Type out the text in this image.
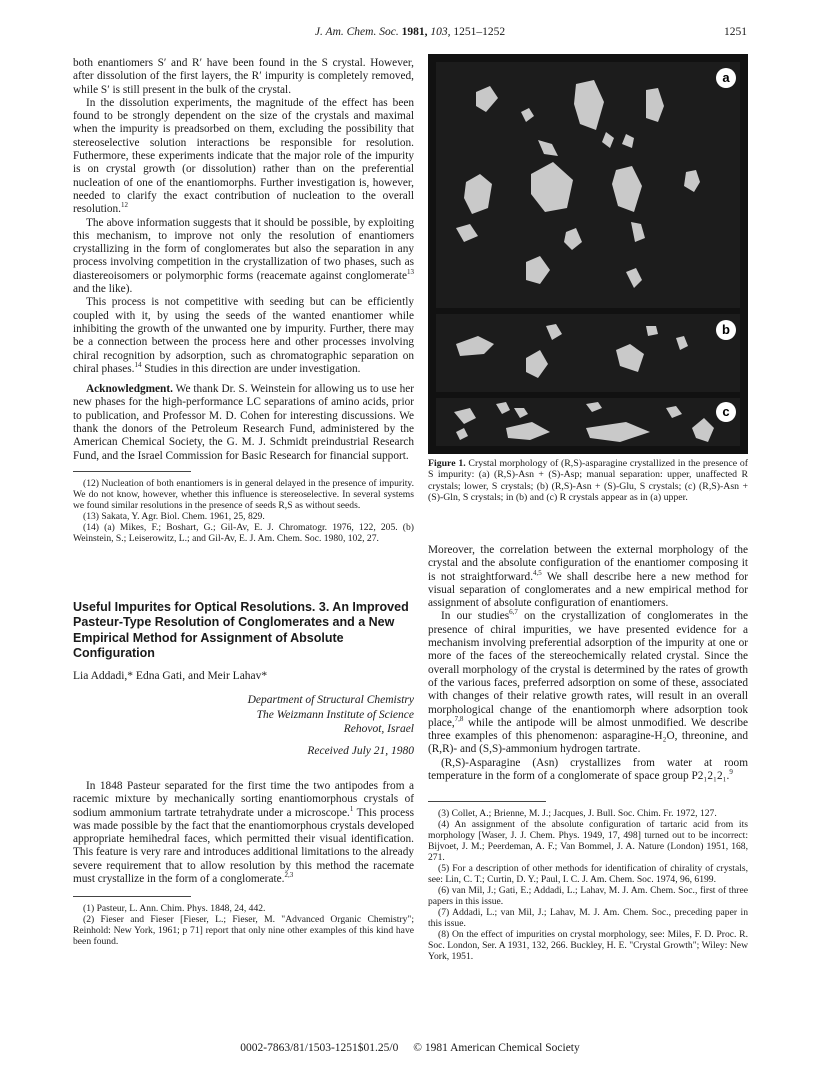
J. Am. Chem. Soc. 1981, 103, 1251–1252	1251

both enantiomers S′ and R′ have been found in the S crystal. However, after dissolution of the first layers, the R′ impurity is completely removed, while S′ is still present in the bulk of the crystal.

In the dissolution experiments, the magnitude of the effect has been found to be strongly dependent on the size of the crystals and maximal when the impurity is preadsorbed on them, excluding the possibility that stereoselective solution interactions be responsible for resolution. Futhermore, these experiments indicate that the major role of the impurity is on crystal growth (or dissolution) rather than on the preferential nucleation of one of the enantiomorphs. Further investigation is, however, needed to clarify the exact contribution of nucleation to the overall resolution.$^{12}$

The above information suggests that it should be possible, by exploiting this mechanism, to improve not only the resolution of enantiomers crystallizing in the form of conglomerates but also the separation in any process involving competition in the crystallization of two phases, such as diastereoisomers or polymorphic forms (reacemate against conglomerate$^{13}$ and the like).

This process is not competitive with seeding but can be efficiently coupled with it, by using the seeds of the wanted enantiomer while inhibiting the growth of the unwanted one by impurity. Further, there may be a connection between the process here and other processes involving chiral recognition by adsorption, such as chromatographic separation on chiral phases.$^{14}$ Studies in this direction are under investigation.

Acknowledgment. We thank Dr. S. Weinstein for allowing us to use her new phases for the high-performance LC separations of amino acids, prior to publication, and Professor M. D. Cohen for interesting discussions. We thank the donors of the Petroleum Research Fund, administered by the American Chemical Society, the G. M. J. Schmidt preindustrial Research Fund, and the Israel Commission for Basic Research for financial support.

(12) Nucleation of both enantiomers is in general delayed in the presence of impurity. We do not know, however, whether this influence is stereoselective. In several systems we found similar resolutions in the presence of seeds R,S as without seeds.

(13) Sakata, Y. Agr. Biol. Chem. 1961, 25, 829.

(14) (a) Mikes, F.; Boshart, G.; Gil-Av, E. J. Chromatogr. 1976, 122, 205. (b) Weinstein, S.; Leiserowitz, L.; and Gil-Av, E. J. Am. Chem. Soc. 1980, 102, 27.

Useful Impurites for Optical Resolutions. 3. An Improved Pasteur-Type Resolution of Conglomerates and a New Empirical Method for Assignment of Absolute Configuration
Lia Addadi,* Edna Gati, and Meir Lahav*
Department of Structural Chemistry
The Weizmann Institute of Science
Rehovot, Israel
Received July 21, 1980

In 1848 Pasteur separated for the first time the two antipodes from a racemic mixture by mechanically sorting enantiomorphous crystals of sodium ammonium tartrate tetrahydrate under a microscope.$^1$ This process was made possible by the fact that the enantiomorphous crystals developed appropriate hemihedral faces, which permitted their visual identification. This feature is very rare and introduces additional limitations to the already severe requirement that to allow resolution by this method the racemate must crystallize in the form of a conglomerate.$^{2,3}$

(1) Pasteur, L. Ann. Chim. Phys. 1848, 24, 442.

(2) Fieser and Fieser [Fieser, L.; Fieser, M. "Advanced Organic Chemistry"; Reinhold: New York, 1961; p 71] report that only nine other examples of this kind have been found.

a
b
c
Figure 1. Crystal morphology of (R,S)-asparagine crystallized in the presence of S impurity: (a) (R,S)-Asn + (S)-Asp; manual separation: upper, unaffected R crystals; lower, S crystals; (b) (R,S)-Asn + (S)-Glu, S crystals; (c) (R,S)-Asn + (S)-Gln, S crystals; in (b) and (c) R crystals appear as in (a) upper.

Moreover, the correlation between the external morphology of the crystal and the absolute configuration of the enantiomer composing it is not straightforward.$^{4,5}$ We shall describe here a new method for visual separation of conglomerates and a new empirical method for assignment of absolute configuration of enantiomers.

In our studies$^{6,7}$ on the crystallization of conglomerates in the presence of chiral impurities, we have presented evidence for a mechanism involving preferential adsorption of the impurity at one or more of the faces of the stereochemically related crystal. Since the overall morphology of the crystal is determined by the rates of growth of the various faces, preferred adsorption on some of these, associated with changes of their relative growth rates, will result in an overall morphological change of the enantiomorph where adsorption took place,$^{7,8}$ while the antipode will be almost unmodified. We describe three examples of this phenomenon: asparagine-H₂O, threonine, and (R,R)- and (S,S)-ammonium hydrogen tartrate.

(R,S)-Asparagine (Asn) crystallizes from water at room temperature in the form of a conglomerate of space group P2₁2₁2₁.$^9$

(3) Collet, A.; Brienne, M. J.; Jacques, J. Bull. Soc. Chim. Fr. 1972, 127.

(4) An assignment of the absolute configuration of tartaric acid from its morphology [Waser, J. J. Chem. Phys. 1949, 17, 498] turned out to be incorrect: Bijvoet, J. M.; Peerdeman, A. F.; Van Bommel, J. A. Nature (London) 1951, 168, 271.

(5) For a description of other methods for identification of chirality of crystals, see: Lin, C. T.; Curtin, D. Y.; Paul, I. C. J. Am. Chem. Soc. 1974, 96, 6199.

(6) van Mil, J.; Gati, E.; Addadi, L.; Lahav, M. J. Am. Chem. Soc., first of three papers in this issue.

(7) Addadi, L.; van Mil, J.; Lahav, M. J. Am. Chem. Soc., preceding paper in this issue.

(8) On the effect of impurities on crystal morphology, see: Miles, F. D. Proc. R. Soc. London, Ser. A 1931, 132, 266. Buckley, H. E. "Crystal Growth"; Wiley: New York, 1951.

0002-7863/81/1503-1251$01.25/0 © 1981 American Chemical Society
